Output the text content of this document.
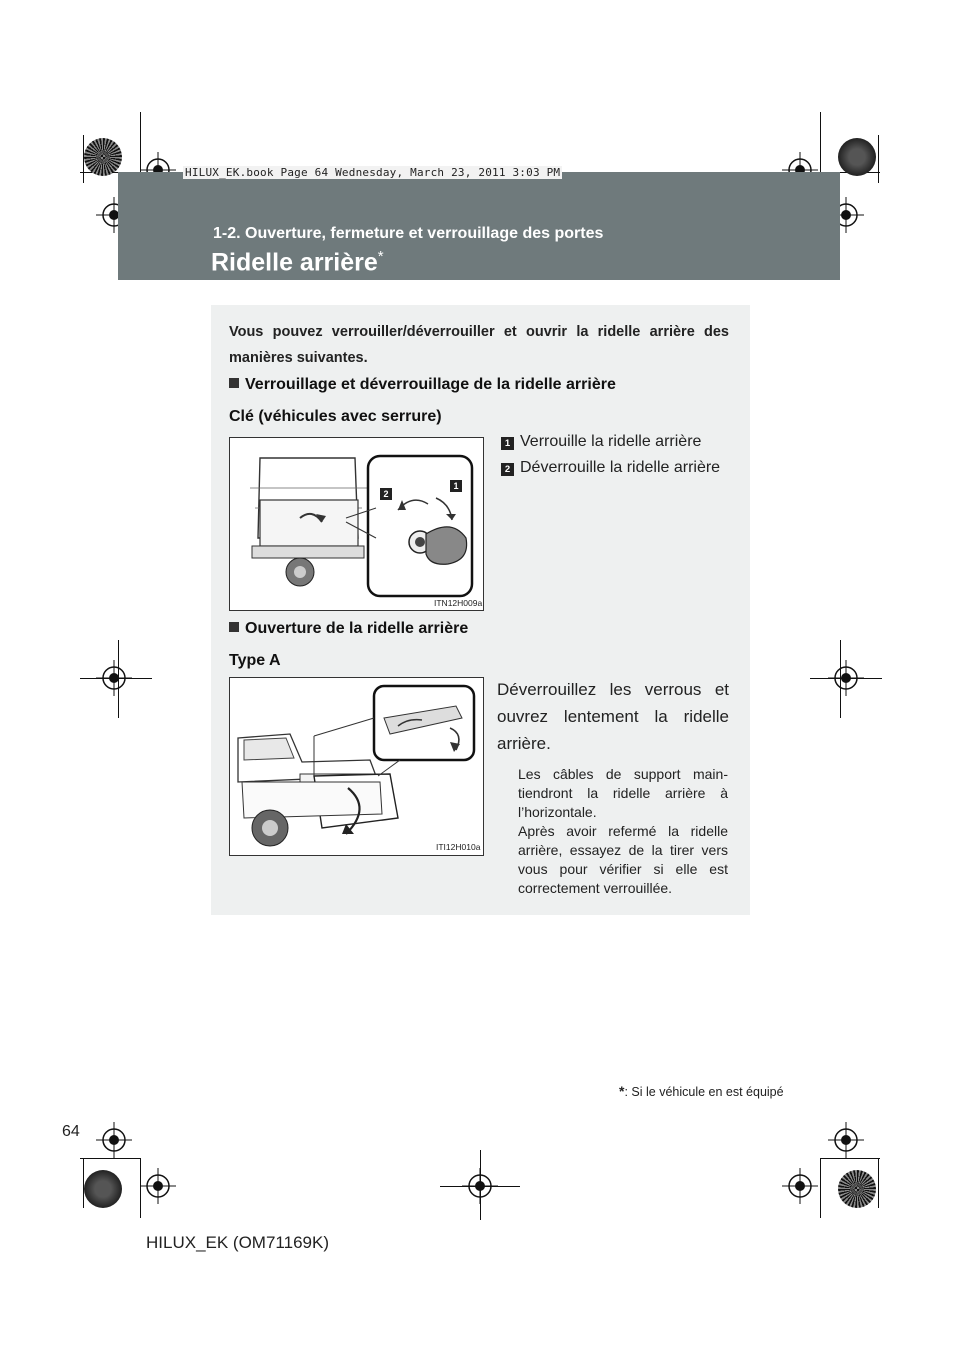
HILUX_EK.book Page 64 Wednesday, March 23, 2011 3:03 PM
1-2. Ouverture, fermeture et verrouillage des portes
Ridelle arrière*
Vous pouvez verrouiller/déverrouiller et ouvrir la ridelle arrière des manières suivantes.
Verrouillage et déverrouillage de la ridelle arrière
Clé (véhicules avec serrure)
2
1
ITN12H009a
1 Verrouille la ridelle arrière
2 Déverrouille la ridelle arrière
Ouverture de la ridelle arrière
Type A
ITI12H010a
Déverrouillez les verrous et ouvrez lentement la ridelle arrière.
Les câbles de support maintiendront la ridelle arrière à l’horizontale.
Après avoir refermé la ridelle arrière, essayez de la tirer vers vous pour vérifier si elle est correctement verrouillée.
*: Si le véhicule en est équipé
64
HILUX_EK (OM71169K)
